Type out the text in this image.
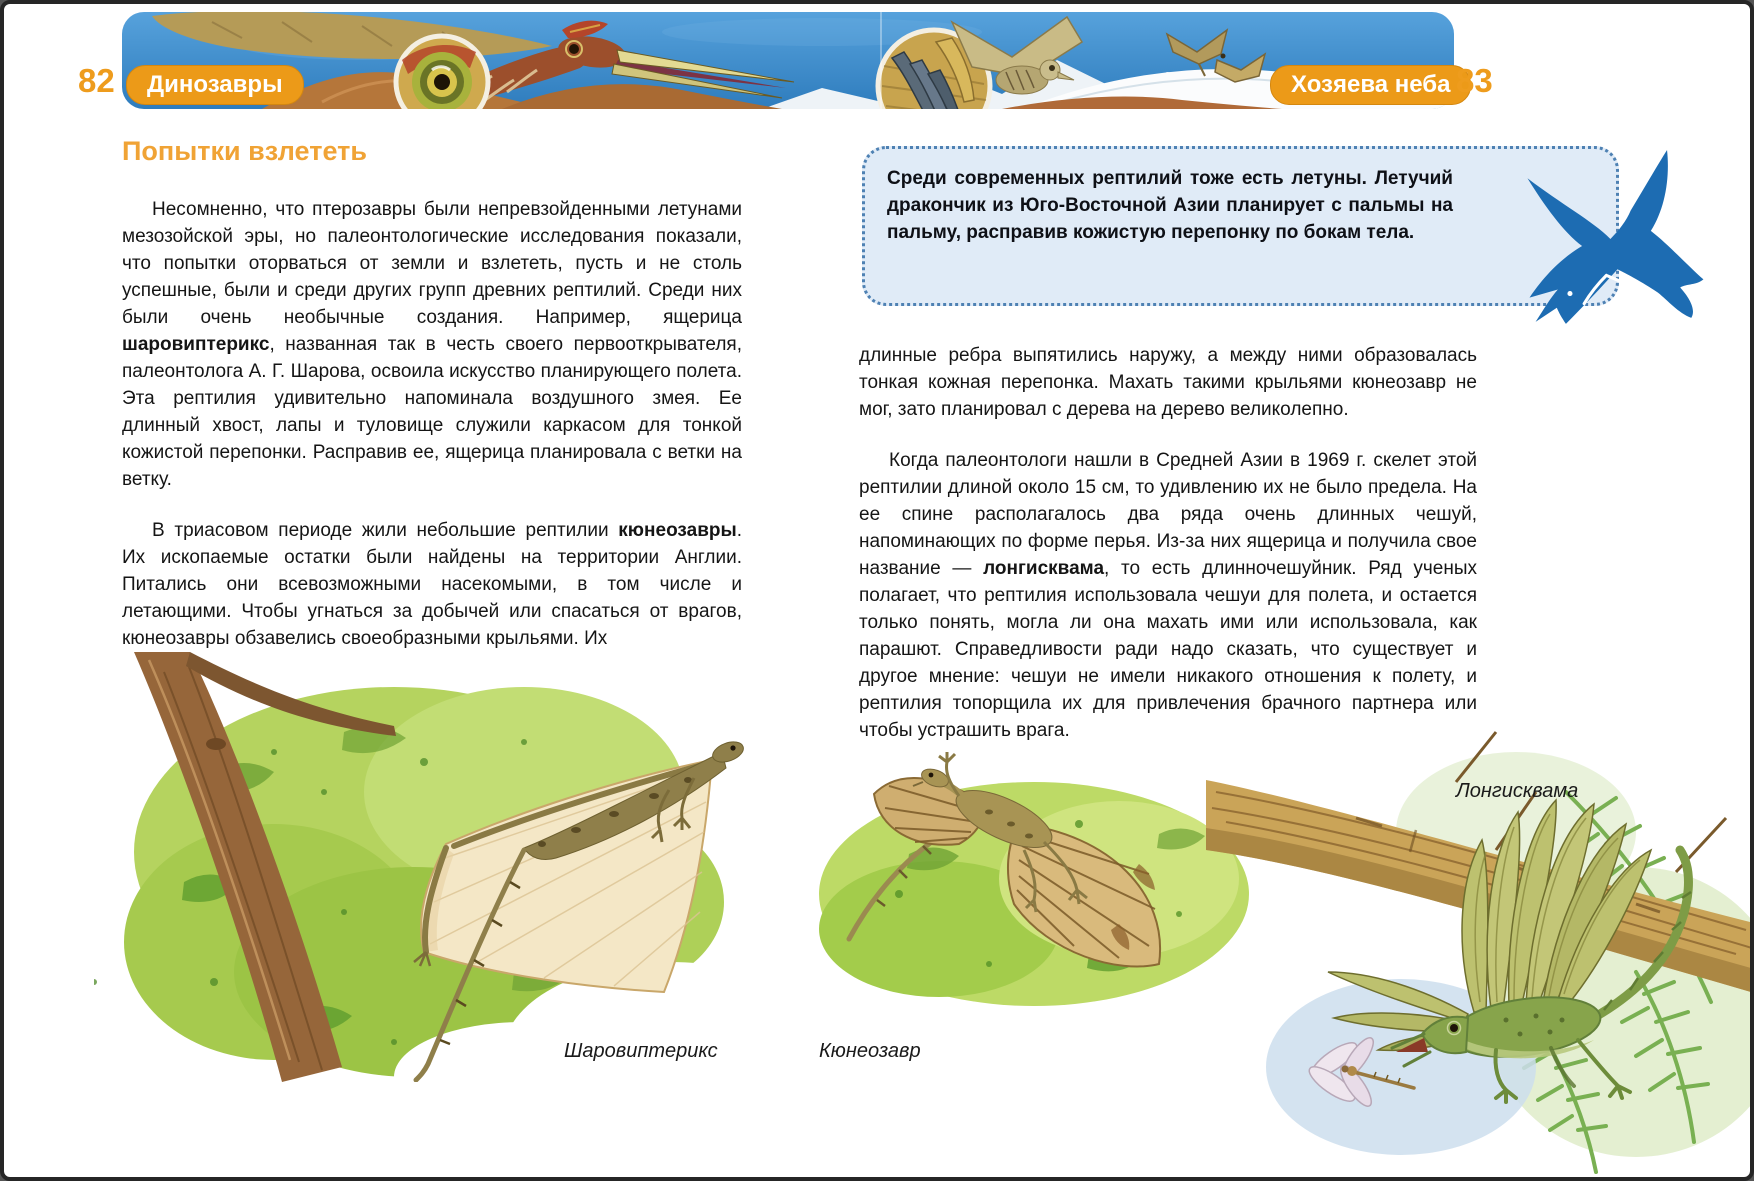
82	Динозавры	Хозяева неба 83
Попытки взлететь

Несомненно, что птерозавры были непревзойденными летунами мезозойской эры, но палеонтологические исследования показали, что попытки оторваться от земли и взлететь, пусть и не столь успешные, были и среди других групп древних рептилий. Среди них были очень необычные создания. Например, ящерица шаровиптерикс, названная так в честь своего первооткрывателя, палеонтолога А. Г. Шарова, освоила искусство планирующего полета. Эта рептилия удивительно напоминала воздушного змея. Ее длинный хвост, лапы и туловище служили каркасом для тонкой кожистой перепонки. Расправив ее, ящерица планировала с ветки на ветку.

В триасовом периоде жили небольшие рептилии кюнеозавры. Их ископаемые остатки были найдены на территории Англии. Питались они всевозможными насекомыми, в том числе и летающими. Чтобы угнаться за добычей или спасаться от врагов, кюнеозавры обзавелись своеобразными крыльями. Их

Шаровиптерикс

Среди современных рептилий тоже есть летуны. Летучий дракончик из Юго-Восточной Азии планирует с пальмы на пальму, расправив кожистую перепонку по бокам тела.

длинные ребра выпятились наружу, а между ними образовалась тонкая кожная перепонка. Махать такими крыльями кюнеозавр не мог, зато планировал с дерева на дерево великолепно.

Когда палеонтологи нашли в Средней Азии в 1969 г. скелет этой рептилии длиной около 15 см, то удивлению их не было предела. На ее спине располагалось два ряда очень длинных чешуй, напоминающих по форме перья. Из-за них ящерица и получила свое название — лонгисквама, то есть длинночешуйник. Ряд ученых полагает, что рептилия использовала чешуи для полета, и остается только понять, могла ли она махать ими или использовала, как парашют. Справедливости ради надо сказать, что существует и другое мнение: чешуи не имели никакого отношения к полету, и рептилия топорщила их для привлечения брачного партнера или чтобы устрашить врага.

Лонгисквама
Кюнеозавр
